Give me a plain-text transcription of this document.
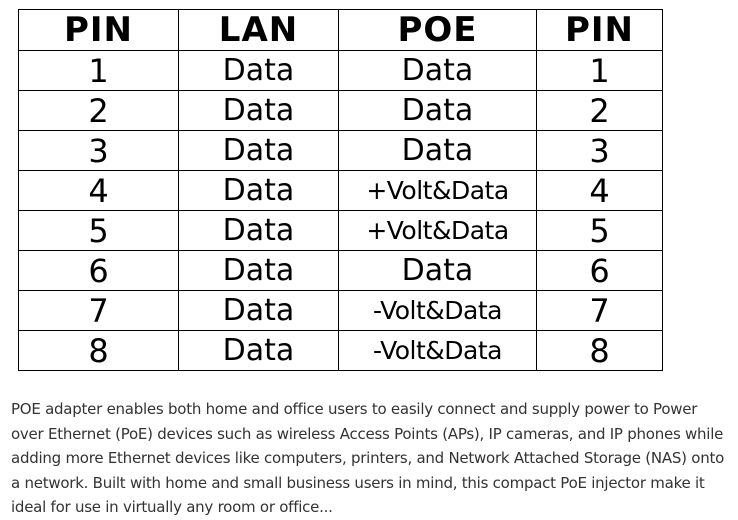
PIN	LAN	POE	PIN
1	Data	Data	1
2	Data	Data	2
3	Data	Data	3
4	Data	+Volt&Data	4
5	Data	+Volt&Data	5
6	Data	Data	6
7	Data	-Volt&Data	7
8	Data	-Volt&Data	8

POE adapter enables both home and office users to easily connect and supply power to Power over Ethernet (PoE) devices such as wireless Access Points (APs), IP cameras, and IP phones while adding more Ethernet devices like computers, printers, and Network Attached Storage (NAS) onto a network. Built with home and small business users in mind, this compact PoE injector make it ideal for use in virtually any room or office...
